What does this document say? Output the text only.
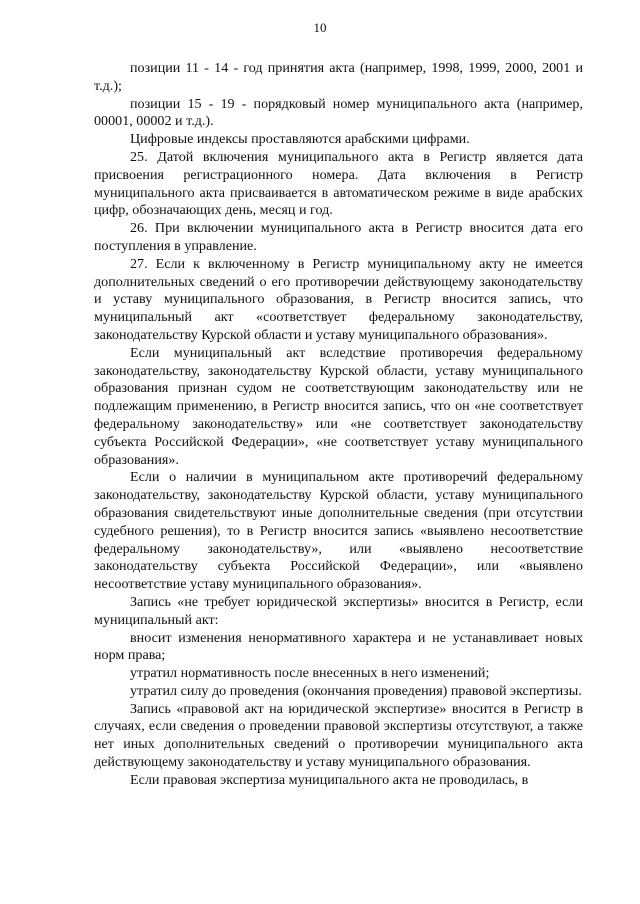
10

позиции 11 - 14 - год принятия акта (например, 1998, 1999, 2000, 2001 и т.д.);

позиции 15 - 19 - порядковый номер муниципального акта (например, 00001, 00002 и т.д.).

Цифровые индексы проставляются арабскими цифрами.

25. Датой включения муниципального акта в Регистр является дата присвоения регистрационного номера. Дата включения в Регистр муниципального акта присваивается в автоматическом режиме в виде арабских цифр, обозначающих день, месяц и год.

26. При включении муниципального акта в Регистр вносится дата его поступления в управление.

27. Если к включенному в Регистр муниципальному акту не имеется дополнительных сведений о его противоречии действующему законодательству и уставу муниципального образования, в Регистр вносится запись, что муниципальный акт «соответствует федеральному законодательству, законодательству Курской области и уставу муниципального образования».

Если муниципальный акт вследствие противоречия федеральному законодательству, законодательству Курской области, уставу муниципального образования признан судом не соответствующим законодательству или не подлежащим применению, в Регистр вносится запись, что он «не соответствует федеральному законодательству» или «не соответствует законодательству субъекта Российской Федерации», «не соответствует уставу муниципального образования».

Если о наличии в муниципальном акте противоречий федеральному законодательству, законодательству Курской области, уставу муниципального образования свидетельствуют иные дополнительные сведения (при отсутствии судебного решения), то в Регистр вносится запись «выявлено несоответствие федеральному законодательству», или «выявлено несоответствие законодательству субъекта Российской Федерации», или «выявлено несоответствие уставу муниципального образования».

Запись «не требует юридической экспертизы» вносится в Регистр, если муниципальный акт:

вносит изменения ненормативного характера и не устанавливает новых норм права;

утратил нормативность после внесенных в него изменений;

утратил силу до проведения (окончания проведения) правовой экспертизы.

Запись «правовой акт на юридической экспертизе» вносится в Регистр в случаях, если сведения о проведении правовой экспертизы отсутствуют, а также нет иных дополнительных сведений о противоречии муниципального акта действующему законодательству и уставу муниципального образования.

Если правовая экспертиза муниципального акта не проводилась, в
